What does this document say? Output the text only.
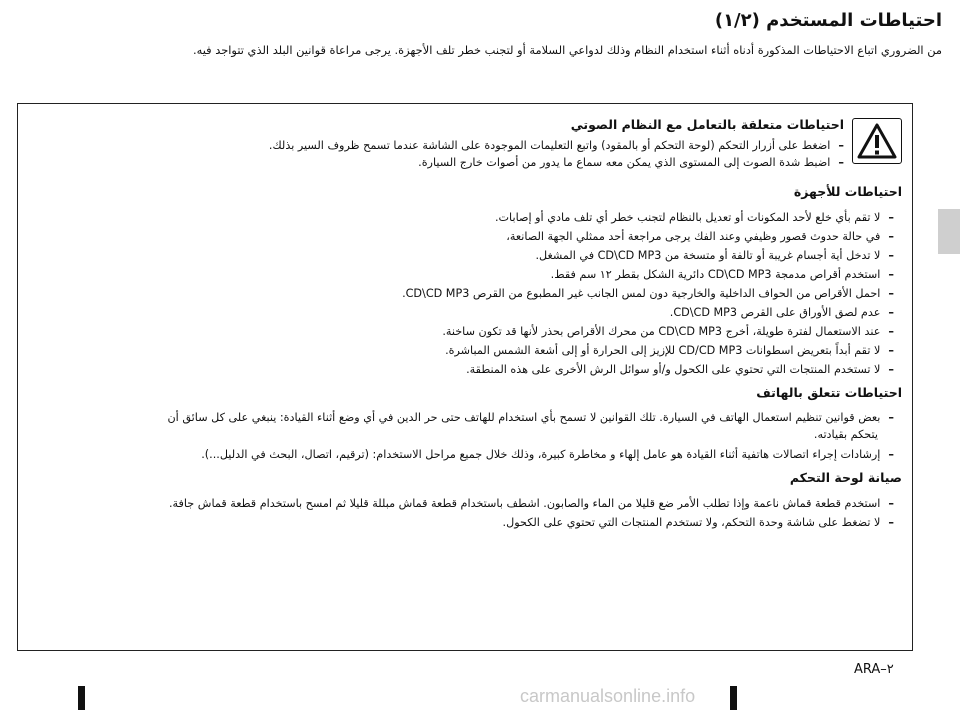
احتياطات المستخدم (١/٢)
من الضروري اتباع الاحتياطات المذكورة أدناه أثناء استخدام النظام وذلك لدواعي السلامة أو لتجنب خطر تلف الأجهزة. يرجى مراعاة قوانين البلد الذي تتواجد فيه.
احتياطات متعلقة بالتعامل مع النظام الصوتي
–
اضغط على أزرار التحكم (لوحة التحكم أو بالمقود) واتبع التعليمات الموجودة على الشاشة عندما تسمح ظروف السير بذلك.
–
اضبط شدة الصوت إلى المستوى الذي يمكن معه سماع ما يدور من أصوات خارج السيارة.
احتياطات للأجهزة
–
لا تقم بأي خلع لأحد المكونات أو تعديل بالنظام لتجنب خطر أي تلف مادي أو إصابات.
–
في حالة حدوث قصور وظيفي وعند الفك يرجى مراجعة أحد ممثلي الجهة الصانعة،
–
لا تدخل أية أجسام غريبة أو تالفة أو متسخة من CD\CD MP3 في المشغل.
–
استخدم أقراص مدمجة CD\CD MP3 دائرية الشكل بقطر ١٢ سم فقط.
–
احمل الأقراص من الحواف الداخلية والخارجية دون لمس الجانب غير المطبوع من القرص CD\CD MP3.
–
عدم لصق الأوراق على القرص CD\CD MP3.
–
عند الاستعمال لفترة طويلة، أخرج CD\CD MP3 من محرك الأقراص بحذر لأنها قد تكون ساخنة.
–
لا تقم أبداً بتعريض اسطوانات CD/CD MP3 للإزيز إلى الحرارة أو إلى أشعة الشمس المباشرة.
–
لا تستخدم المنتجات التي تحتوي على الكحول و/أو سوائل الرش الأخرى على هذه المنطقة.
احتياطات تتعلق بالهاتف
–
بعض قوانين تنظيم استعمال الهاتف في السيارة. تلك القوانين لا تسمح بأي استخدام للهاتف حتى حر الدين في أي وضع أثناء القيادة: ينبغي على كل سائق أن
يتحكم بقيادته.
–
إرشادات إجراء اتصالات هاتفية أثناء القيادة هو عامل إلهاء و مخاطرة كبيرة، وذلك خلال جميع مراحل الاستخدام: (ترقيم، اتصال، البحث في الدليل...).
صيانة لوحة التحكم
–
استخدم قطعة قماش ناعمة وإذا تطلب الأمر ضع قليلا من الماء والصابون. اشطف باستخدام قطعة قماش مبللة قليلا ثم امسح باستخدام قطعة قماش جافة.
–
لا تضغط على شاشة وحدة التحكم، ولا تستخدم المنتجات التي تحتوي على الكحول.
ARA–٢
carmanualsonline.info
